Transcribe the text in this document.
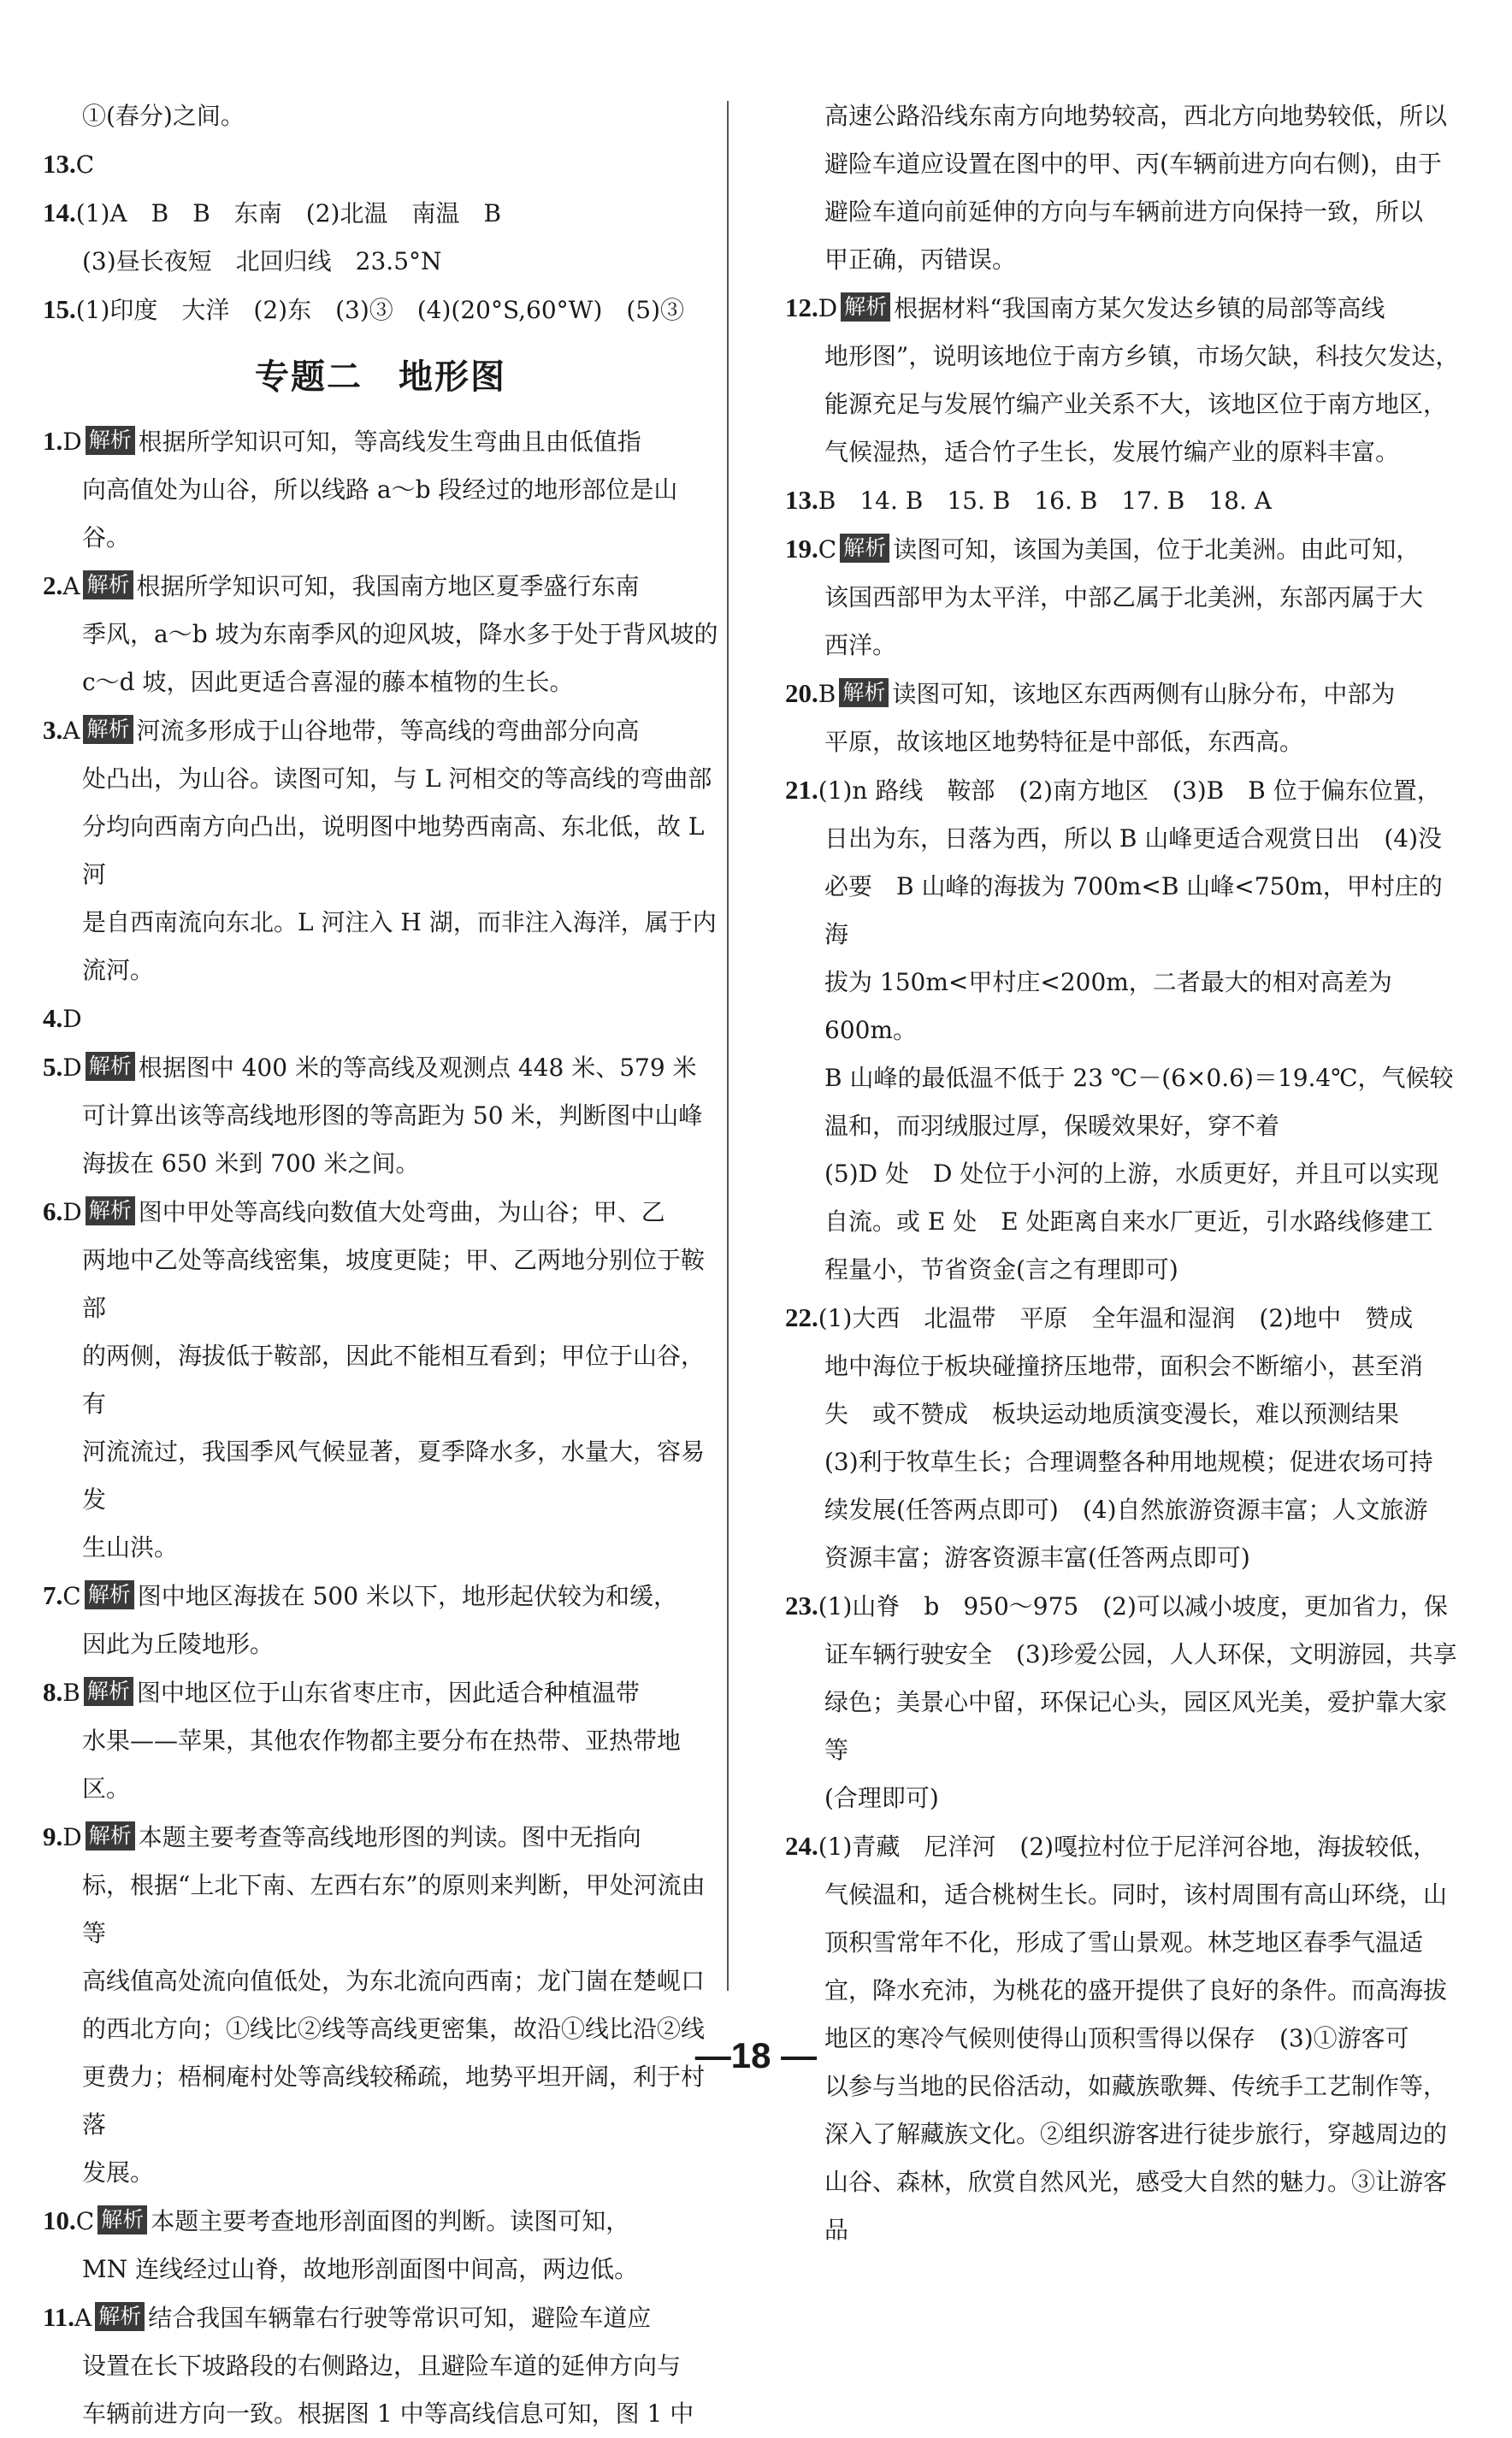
①(春分)之间。

13.C

14.(1)A　B　B　东南　(2)北温　南温　B

(3)昼长夜短　北回归线　23.5°N

15.(1)印度　大洋　(2)东　(3)③　(4)(20°S,60°W)　(5)③

专题二　地形图

1.D 解析 根据所学知识可知，等高线发生弯曲且由低值指

向高值处为山谷，所以线路 a～b 段经过的地形部位是山谷。

2.A 解析 根据所学知识可知，我国南方地区夏季盛行东南

季风，a～b 坡为东南季风的迎风坡，降水多于处于背风坡的

c～d 坡，因此更适合喜湿的藤本植物的生长。

3.A 解析 河流多形成于山谷地带，等高线的弯曲部分向高

处凸出，为山谷。读图可知，与 L 河相交的等高线的弯曲部

分均向西南方向凸出，说明图中地势西南高、东北低，故 L 河

是自西南流向东北。L 河注入 H 湖，而非注入海洋，属于内

流河。

4.D

5.D 解析 根据图中 400 米的等高线及观测点 448 米、579 米

可计算出该等高线地形图的等高距为 50 米，判断图中山峰

海拔在 650 米到 700 米之间。

6.D 解析 图中甲处等高线向数值大处弯曲，为山谷；甲、乙

两地中乙处等高线密集，坡度更陡；甲、乙两地分别位于鞍部

的两侧，海拔低于鞍部，因此不能相互看到；甲位于山谷，有

河流流过，我国季风气候显著，夏季降水多，水量大，容易发

生山洪。

7.C 解析 图中地区海拔在 500 米以下，地形起伏较为和缓，

因此为丘陵地形。

8.B 解析 图中地区位于山东省枣庄市，因此适合种植温带

水果——苹果，其他农作物都主要分布在热带、亚热带地区。

9.D 解析 本题主要考查等高线地形图的判读。图中无指向

标，根据“上北下南、左西右东”的原则来判断，甲处河流由等

高线值高处流向值低处，为东北流向西南；龙门崮在楚岘口

的西北方向；①线比②线等高线更密集，故沿①线比沿②线

更费力；梧桐庵村处等高线较稀疏，地势平坦开阔，利于村落

发展。

10.C 解析 本题主要考查地形剖面图的判断。读图可知，

MN 连线经过山脊，故地形剖面图中间高，两边低。

11.A 解析 结合我国车辆靠右行驶等常识可知，避险车道应

设置在长下坡路段的右侧路边，且避险车道的延伸方向与

车辆前进方向一致。根据图 1 中等高线信息可知，图 1 中

高速公路沿线东南方向地势较高，西北方向地势较低，所以

避险车道应设置在图中的甲、丙(车辆前进方向右侧)，由于

避险车道向前延伸的方向与车辆前进方向保持一致，所以

甲正确，丙错误。

12.D 解析 根据材料“我国南方某欠发达乡镇的局部等高线

地形图”，说明该地位于南方乡镇，市场欠缺，科技欠发达，

能源充足与发展竹编产业关系不大，该地区位于南方地区，

气候湿热，适合竹子生长，发展竹编产业的原料丰富。

13.B　14. B　15. B　16. B　17. B　18. A

19.C 解析 读图可知，该国为美国，位于北美洲。由此可知，

该国西部甲为太平洋，中部乙属于北美洲，东部丙属于大

西洋。

20.B 解析 读图可知，该地区东西两侧有山脉分布，中部为

平原，故该地区地势特征是中部低，东西高。

21.(1)n 路线　鞍部　(2)南方地区　(3)B　B 位于偏东位置，

日出为东，日落为西，所以 B 山峰更适合观赏日出　(4)没

必要　B 山峰的海拔为 700m<B 山峰<750m，甲村庄的海

拔为 150m<甲村庄<200m，二者最大的相对高差为 600m。

B 山峰的最低温不低于 23 ℃－(6×0.6)＝19.4℃，气候较

温和，而羽绒服过厚，保暖效果好，穿不着

(5)D 处　D 处位于小河的上游，水质更好，并且可以实现

自流。或 E 处　E 处距离自来水厂更近，引水路线修建工

程量小，节省资金(言之有理即可)

22.(1)大西　北温带　平原　全年温和湿润　(2)地中　赞成

地中海位于板块碰撞挤压地带，面积会不断缩小，甚至消

失　或不赞成　板块运动地质演变漫长，难以预测结果

(3)利于牧草生长；合理调整各种用地规模；促进农场可持

续发展(任答两点即可)　(4)自然旅游资源丰富；人文旅游

资源丰富；游客资源丰富(任答两点即可)

23.(1)山脊　b　950～975　(2)可以减小坡度，更加省力，保

证车辆行驶安全　(3)珍爱公园，人人环保，文明游园，共享

绿色；美景心中留，环保记心头，园区风光美，爱护靠大家等

(合理即可)

24.(1)青藏　尼洋河　(2)嘎拉村位于尼洋河谷地，海拔较低，

气候温和，适合桃树生长。同时，该村周围有高山环绕，山

顶积雪常年不化，形成了雪山景观。林芝地区春季气温适

宜，降水充沛，为桃花的盛开提供了良好的条件。而高海拔

地区的寒冷气候则使得山顶积雪得以保存　(3)①游客可

以参与当地的民俗活动，如藏族歌舞、传统手工艺制作等，

深入了解藏族文化。②组织游客进行徒步旅行，穿越周边的

山谷、森林，欣赏自然风光，感受大自然的魅力。③让游客品

—18 —
